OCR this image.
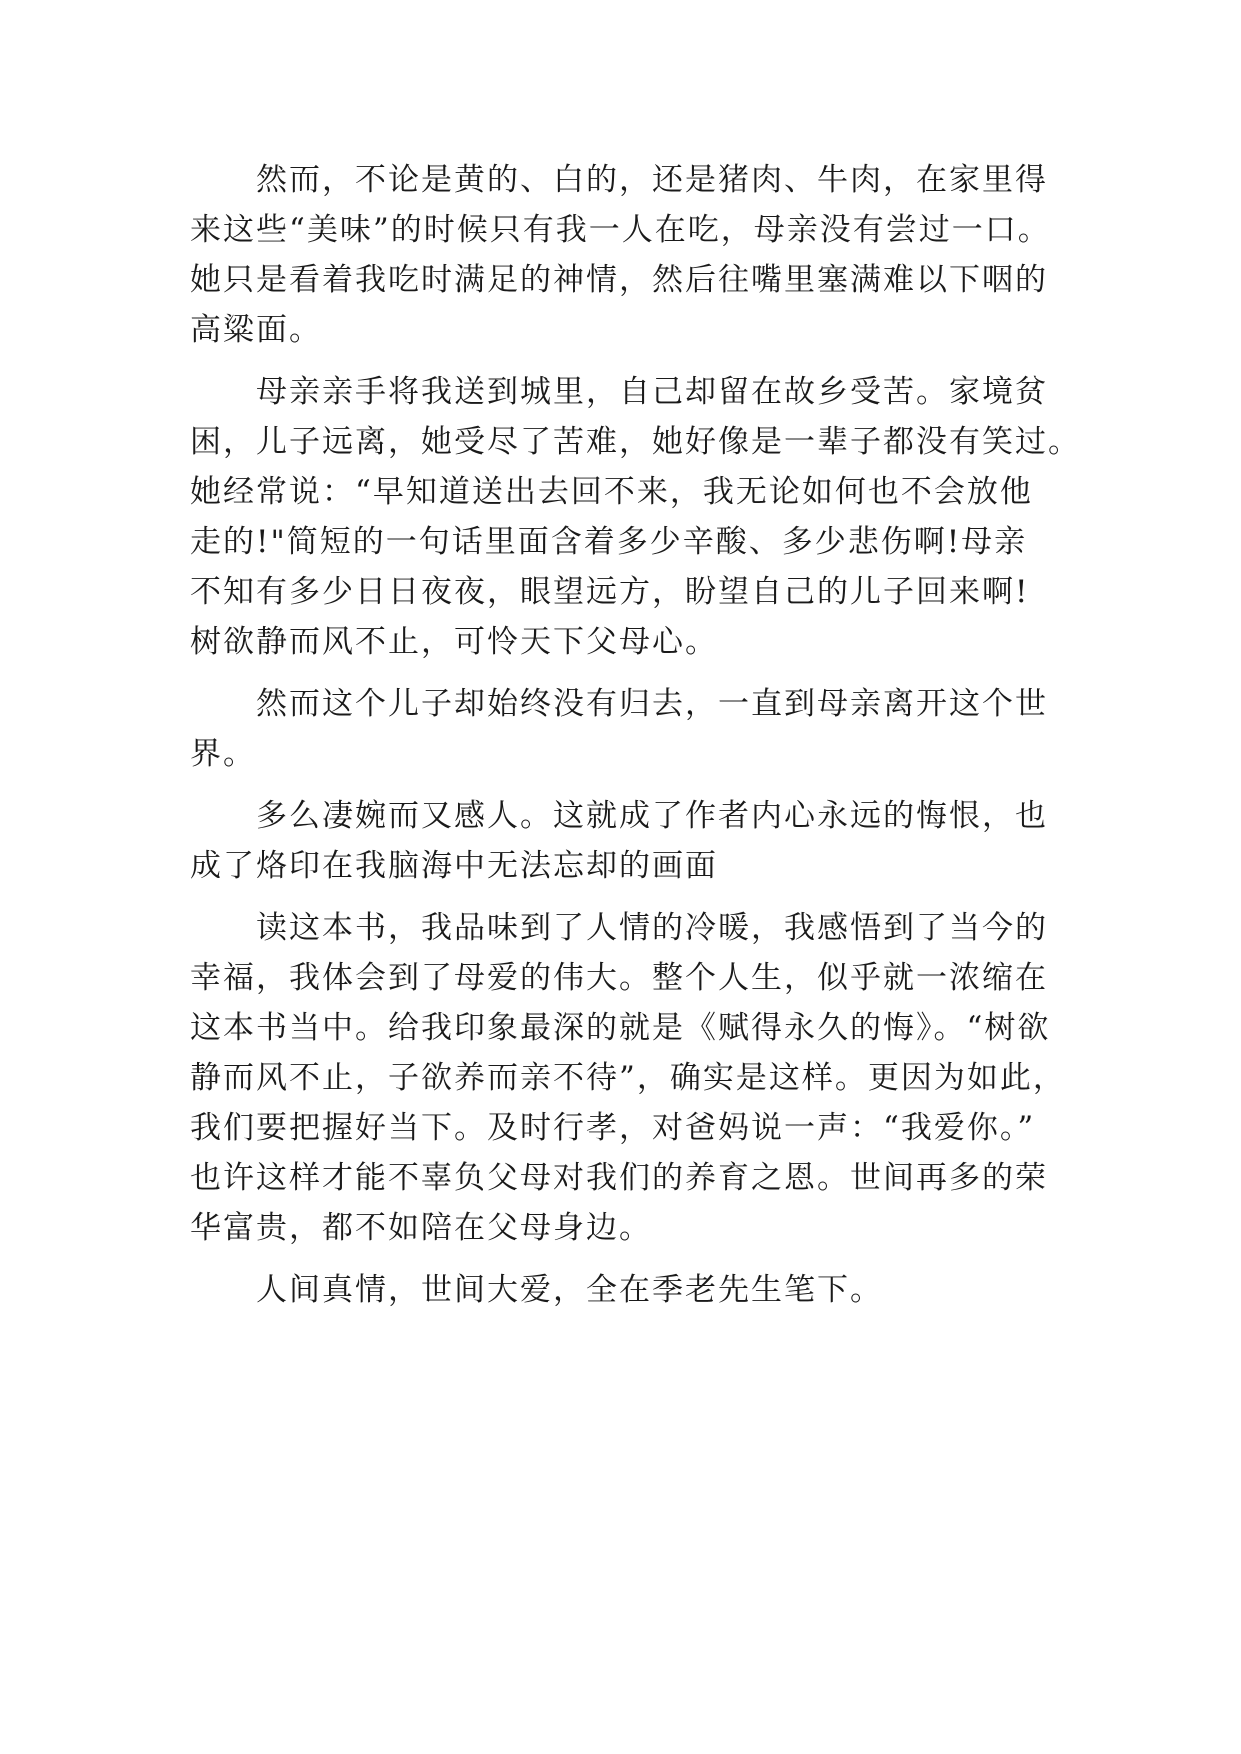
然而，不论是黄的、白的，还是猪肉、牛肉，在家里得
来这些“美味”的时候只有我一人在吃，母亲没有尝过一口。
她只是看着我吃时满足的神情，然后往嘴里塞满难以下咽的
高粱面。
母亲亲手将我送到城里，自己却留在故乡受苦。家境贫
困，儿子远离，她受尽了苦难，她好像是一辈子都没有笑过。
她经常说：“早知道送出去回不来，我无论如何也不会放他
走的!"简短的一句话里面含着多少辛酸、多少悲伤啊!母亲
不知有多少日日夜夜，眼望远方，盼望自己的儿子回来啊!
树欲静而风不止，可怜天下父母心。
然而这个儿子却始终没有归去，一直到母亲离开这个世
界。
多么凄婉而又感人。这就成了作者内心永远的悔恨，也
成了烙印在我脑海中无法忘却的画面
读这本书，我品味到了人情的冷暖，我感悟到了当今的
幸福，我体会到了母爱的伟大。整个人生，似乎就一浓缩在
这本书当中。给我印象最深的就是《赋得永久的悔》。“树欲
静而风不止，子欲养而亲不待”，确实是这样。更因为如此，
我们要把握好当下。及时行孝，对爸妈说一声：“我爱你。”
也许这样才能不辜负父母对我们的养育之恩。世间再多的荣
华富贵，都不如陪在父母身边。
人间真情，世间大爱，全在季老先生笔下。
